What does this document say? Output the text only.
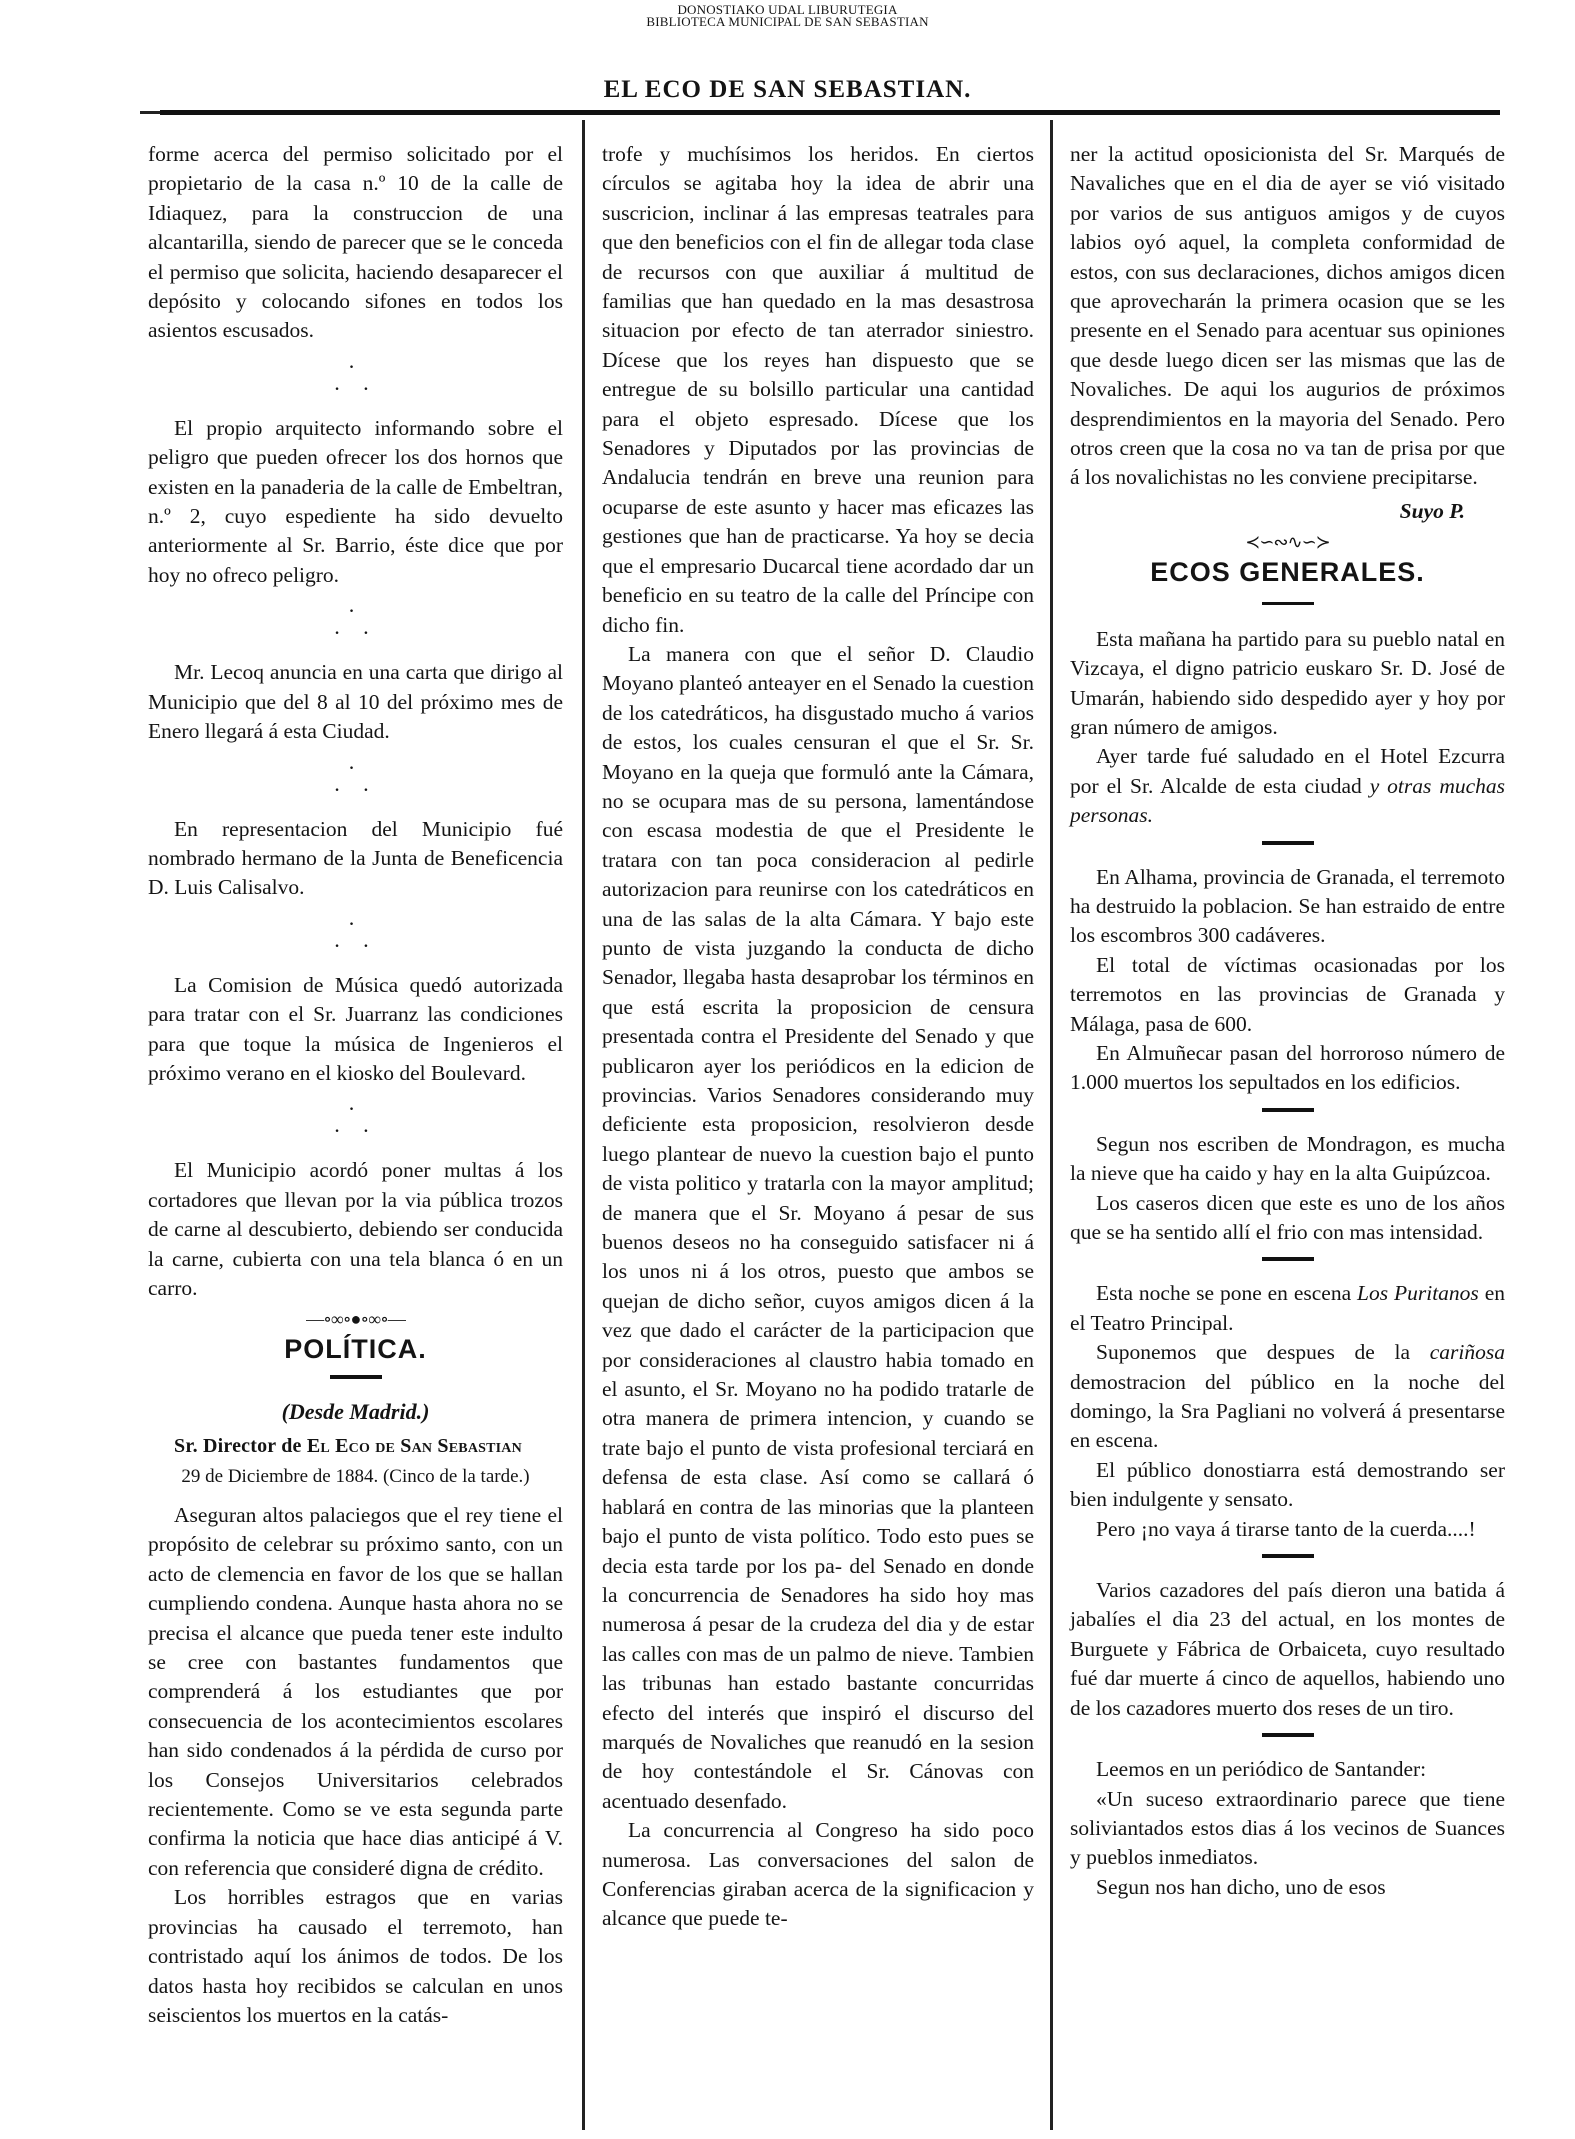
DONOSTIAKO UDAL LIBURUTEGIA
BIBLIOTECA MUNICIPAL DE SAN SEBASTIAN
EL ECO DE SAN SEBASTIAN.

forme acerca del permiso solicitado por el propietario de la casa n.º 10 de la calle de Idiaquez, para la construccion de una alcantarilla, siendo de parecer que se le conceda el permiso que solicita, haciendo desaparecer el depósito y colocando sifones en todos los asientos escusados.

·
· ·

El propio arquitecto informando sobre el peligro que pueden ofrecer los dos hornos que existen en la panaderia de la calle de Embeltran, n.º 2, cuyo espediente ha sido devuelto anteriormente al Sr. Barrio, éste dice que por hoy no ofreco peligro.

·
· ·

Mr. Lecoq anuncia en una carta que dirigo al Municipio que del 8 al 10 del próximo mes de Enero llegará á esta Ciudad.

·
· ·

En representacion del Municipio fué nombrado hermano de la Junta de Beneficencia D. Luis Calisalvo.

·
· ·

La Comision de Música quedó autorizada para tratar con el Sr. Juarranz las condiciones para que toque la música de Ingenieros el próximo verano en el kiosko del Boulevard.

·
· ·

El Municipio acordó poner multas á los cortadores que llevan por la via pública trozos de carne al descubierto, debiendo ser conducida la carne, cubierta con una tela blanca ó en un carro.

—∘∞∘●∘∞∘—
POLÍTICA.
(Desde Madrid.)

Sr. Director de El Eco de San Sebastian

29 de Diciembre de 1884. (Cinco de la tarde.)

Aseguran altos palaciegos que el rey tiene el propósito de celebrar su próximo santo, con un acto de clemencia en favor de los que se hallan cumpliendo condena. Aunque hasta ahora no se precisa el alcance que pueda tener este indulto se cree con bastantes fundamentos que comprenderá á los estudiantes que por consecuencia de los acontecimientos escolares han sido condenados á la pérdida de curso por los Consejos Universitarios celebrados recientemente. Como se ve esta segunda parte confirma la noticia que hace dias anticipé á V. con referencia que consideré digna de crédito.

Los horribles estragos que en varias provincias ha causado el terremoto, han contristado aquí los ánimos de todos. De los datos hasta hoy recibidos se calculan en unos seiscientos los muertos en la catás-

trofe y muchísimos los heridos. En ciertos círculos se agitaba hoy la idea de abrir una suscricion, inclinar á las empresas teatrales para que den beneficios con el fin de allegar toda clase de recursos con que auxiliar á multitud de familias que han quedado en la mas desastrosa situacion por efecto de tan aterrador siniestro. Dícese que los reyes han dispuesto que se entregue de su bolsillo particular una cantidad para el objeto espresado. Dícese que los Senadores y Diputados por las provincias de Andalucia tendrán en breve una reunion para ocuparse de este asunto y hacer mas eficazes las gestiones que han de practicarse. Ya hoy se decia que el empresario Ducarcal tiene acordado dar un beneficio en su teatro de la calle del Príncipe con dicho fin.

La manera con que el señor D. Claudio Moyano planteó anteayer en el Senado la cuestion de los catedráticos, ha disgustado mucho á varios de estos, los cuales censuran el que el Sr. Sr. Moyano en la queja que formuló ante la Cámara, no se ocupara mas de su persona, lamentándose con escasa modestia de que el Presidente le tratara con tan poca consideracion al pedirle autorizacion para reunirse con los catedráticos en una de las salas de la alta Cámara. Y bajo este punto de vista juzgando la conducta de dicho Senador, llegaba hasta desaprobar los términos en que está escrita la proposicion de censura presentada contra el Presidente del Senado y que publicaron ayer los periódicos en la edicion de provincias. Varios Senadores considerando muy deficiente esta proposicion, resolvieron desde luego plantear de nuevo la cuestion bajo el punto de vista politico y tratarla con la mayor amplitud; de manera que el Sr. Moyano á pesar de sus buenos deseos no ha conseguido satisfacer ni á los unos ni á los otros, puesto que ambos se quejan de dicho señor, cuyos amigos dicen á la vez que dado el carácter de la participacion que por consideraciones al claustro habia tomado en el asunto, el Sr. Moyano no ha podido tratarle de otra manera de primera intencion, y cuando se trate bajo el punto de vista profesional terciará en defensa de esta clase. Así como se callará ó hablará en contra de las minorias que la planteen bajo el punto de vista político. Todo esto pues se decia esta tarde por los pa- del Senado en donde la concurrencia de Senadores ha sido hoy mas numerosa á pesar de la crudeza del dia y de estar las calles con mas de un palmo de nieve. Tambien las tribunas han estado bastante concurridas efecto del interés que inspiró el discurso del marqués de Novaliches que reanudó en la sesion de hoy contestándole el Sr. Cánovas con acentuado desenfado.

La concurrencia al Congreso ha sido poco numerosa. Las conversaciones del salon de Conferencias giraban acerca de la significacion y alcance que puede te-

ner la actitud oposicionista del Sr. Marqués de Navaliches que en el dia de ayer se vió visitado por varios de sus antiguos amigos y de cuyos labios oyó aquel, la completa conformidad de estos, con sus declaraciones, dichos amigos dicen que aprovecharán la primera ocasion que se les presente en el Senado para acentuar sus opiniones que desde luego dicen ser las mismas que las de Novaliches. De aqui los augurios de próximos desprendimientos en la mayoria del Senado. Pero otros creen que la cosa no va tan de prisa por que á los novalichistas no les conviene precipitarse.

Suyo P.
≺∽∾∿∽≻
ECOS GENERALES.

Esta mañana ha partido para su pueblo natal en Vizcaya, el digno patricio euskaro Sr. D. José de Umarán, habiendo sido despedido ayer y hoy por gran número de amigos.

Ayer tarde fué saludado en el Hotel Ezcurra por el Sr. Alcalde de esta ciudad y otras muchas personas.

En Alhama, provincia de Granada, el terremoto ha destruido la poblacion. Se han estraido de entre los escombros 300 cadáveres.

El total de víctimas ocasionadas por los terremotos en las provincias de Granada y Málaga, pasa de 600.

En Almuñecar pasan del horroroso número de 1.000 muertos los sepultados en los edificios.

Segun nos escriben de Mondragon, es mucha la nieve que ha caido y hay en la alta Guipúzcoa.

Los caseros dicen que este es uno de los años que se ha sentido allí el frio con mas intensidad.

Esta noche se pone en escena Los Puritanos en el Teatro Principal.

Suponemos que despues de la cariñosa demostracion del público en la noche del domingo, la Sra Pagliani no volverá á presentarse en escena.

El público donostiarra está demostrando ser bien indulgente y sensato.

Pero ¡no vaya á tirarse tanto de la cuerda....!

Varios cazadores del país dieron una batida á jabalíes el dia 23 del actual, en los montes de Burguete y Fábrica de Orbaiceta, cuyo resultado fué dar muerte á cinco de aquellos, habiendo uno de los cazadores muerto dos reses de un tiro.

Leemos en un periódico de Santander:

«Un suceso extraordinario parece que tiene soliviantados estos dias á los vecinos de Suances y pueblos inmediatos.

Segun nos han dicho, uno de esos
